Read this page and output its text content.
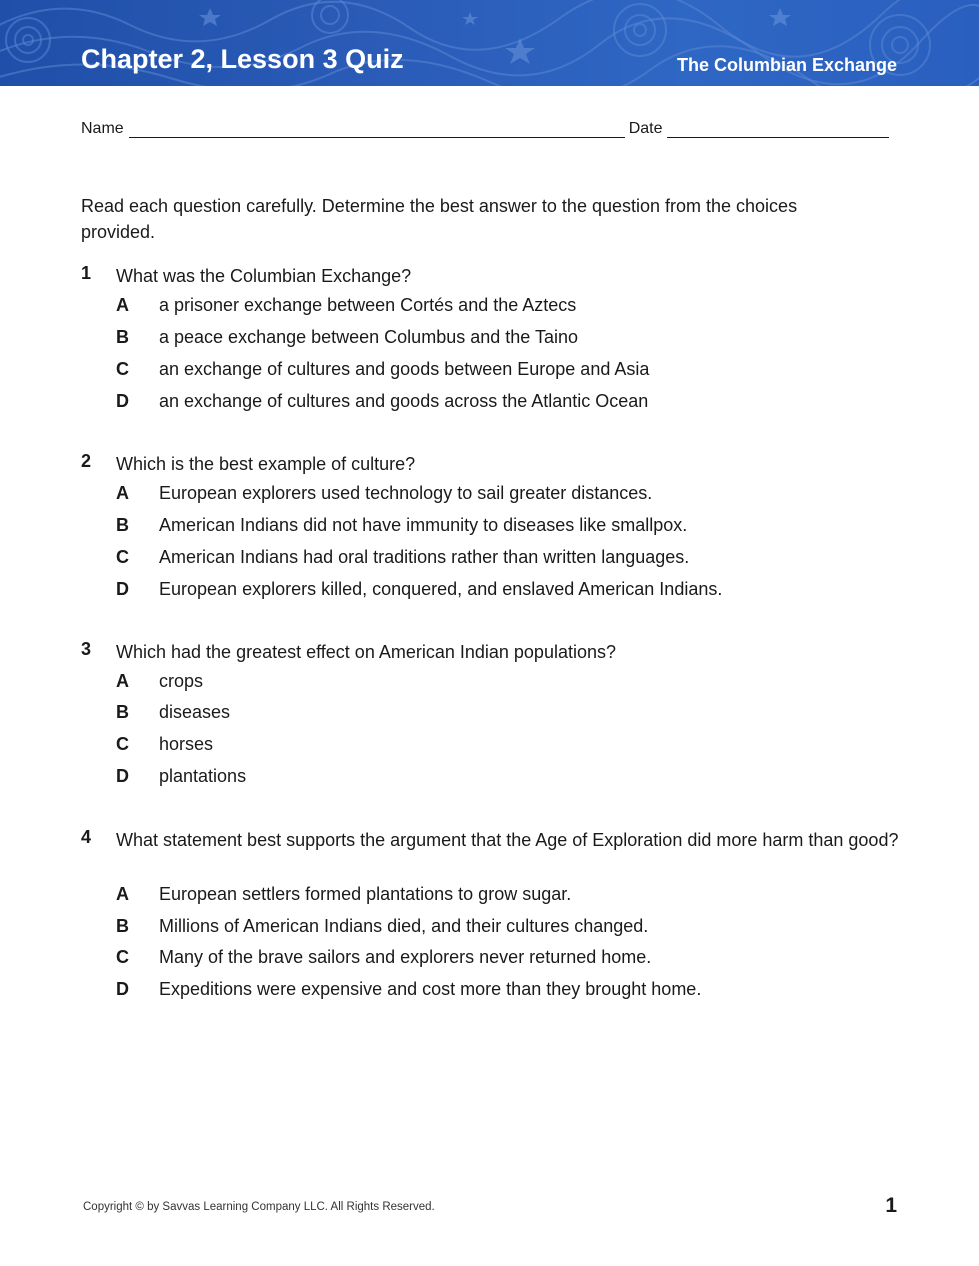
Chapter 2, Lesson 3 Quiz	The Columbian Exchange
Name	Date

Read each question carefully. Determine the best answer to the question from the choices provided.

1 What was the Columbian Exchange?
A a prisoner exchange between Cortés and the Aztecs
B a peace exchange between Columbus and the Taino
C an exchange of cultures and goods between Europe and Asia
D an exchange of cultures and goods across the Atlantic Ocean
2 Which is the best example of culture?
A European explorers used technology to sail greater distances.
B American Indians did not have immunity to diseases like smallpox.
C American Indians had oral traditions rather than written languages.
D European explorers killed, conquered, and enslaved American Indians.
3 Which had the greatest effect on American Indian populations?
A crops
B diseases
C horses
D plantations
4 What statement best supports the argument that the Age of Exploration did more harm than good?
A European settlers formed plantations to grow sugar.
B Millions of American Indians died, and their cultures changed.
C Many of the brave sailors and explorers never returned home.
D Expeditions were expensive and cost more than they brought home.
Copyright © by Savvas Learning Company LLC. All Rights Reserved.	1
